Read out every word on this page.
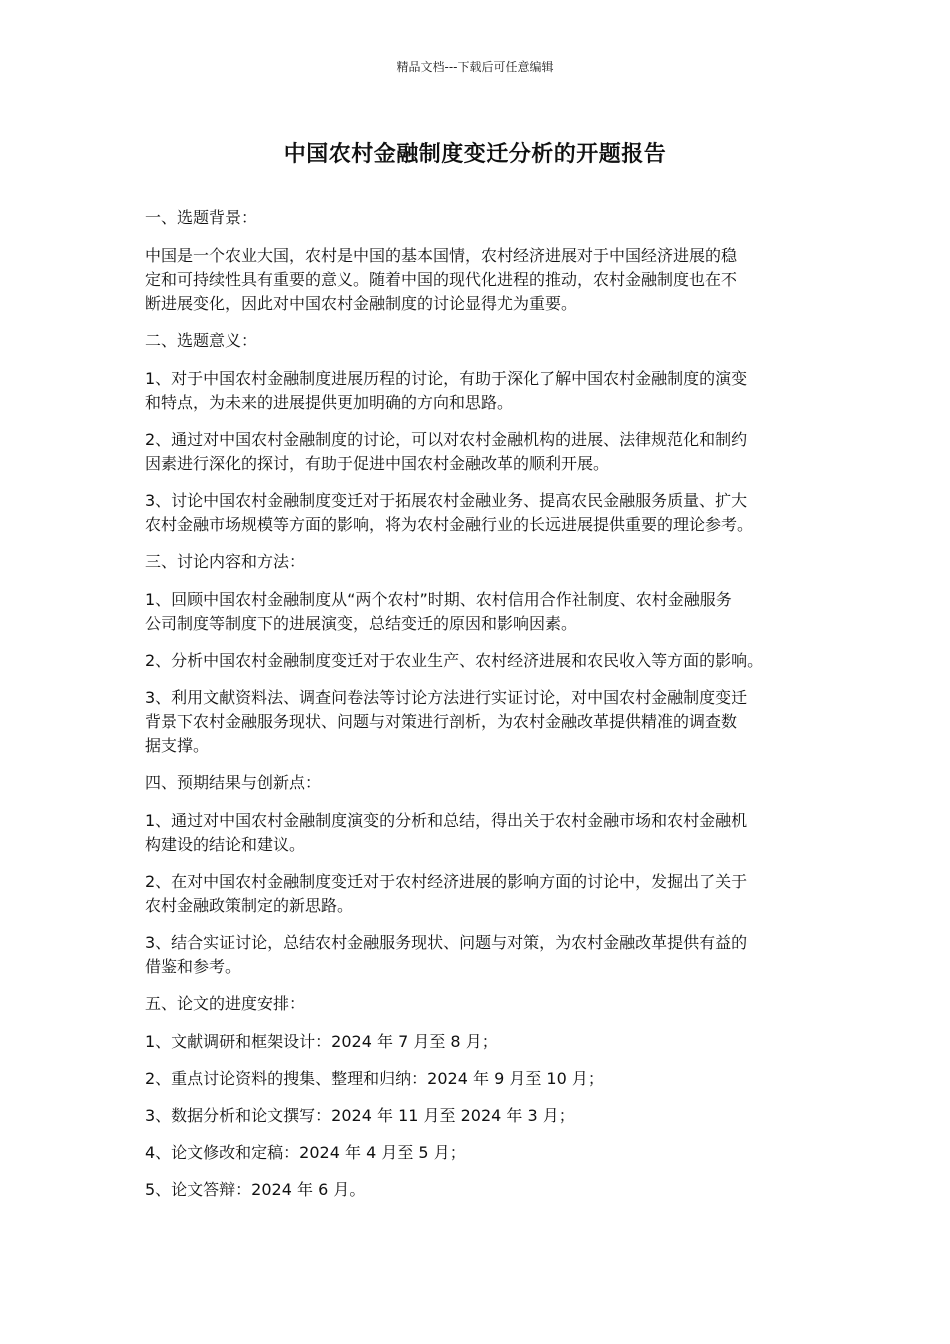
精品文档---下载后可任意编辑
中国农村金融制度变迁分析的开题报告

一、选题背景：

中国是一个农业大国，农村是中国的基本国情，农村经济进展对于中国经济进展的稳
定和可持续性具有重要的意义。随着中国的现代化进程的推动，农村金融制度也在不
断进展变化，因此对中国农村金融制度的讨论显得尤为重要。

二、选题意义：

1、对于中国农村金融制度进展历程的讨论，有助于深化了解中国农村金融制度的演变
和特点，为未来的进展提供更加明确的方向和思路。

2、通过对中国农村金融制度的讨论，可以对农村金融机构的进展、法律规范化和制约
因素进行深化的探讨，有助于促进中国农村金融改革的顺利开展。

3、讨论中国农村金融制度变迁对于拓展农村金融业务、提高农民金融服务质量、扩大
农村金融市场规模等方面的影响，将为农村金融行业的长远进展提供重要的理论参考。

三、讨论内容和方法：

1、回顾中国农村金融制度从“两个农村”时期、农村信用合作社制度、农村金融服务
公司制度等制度下的进展演变，总结变迁的原因和影响因素。

2、分析中国农村金融制度变迁对于农业生产、农村经济进展和农民收入等方面的影响。

3、利用文献资料法、调查问卷法等讨论方法进行实证讨论，对中国农村金融制度变迁
背景下农村金融服务现状、问题与对策进行剖析，为农村金融改革提供精准的调查数
据支撑。

四、预期结果与创新点：

1、通过对中国农村金融制度演变的分析和总结，得出关于农村金融市场和农村金融机
构建设的结论和建议。

2、在对中国农村金融制度变迁对于农村经济进展的影响方面的讨论中，发掘出了关于
农村金融政策制定的新思路。

3、结合实证讨论，总结农村金融服务现状、问题与对策，为农村金融改革提供有益的
借鉴和参考。

五、论文的进度安排：

1、文献调研和框架设计：2024 年 7 月至 8 月；

2、重点讨论资料的搜集、整理和归纳：2024 年 9 月至 10 月；

3、数据分析和论文撰写：2024 年 11 月至 2024 年 3 月；

4、论文修改和定稿：2024 年 4 月至 5 月；

5、论文答辩：2024 年 6 月。
